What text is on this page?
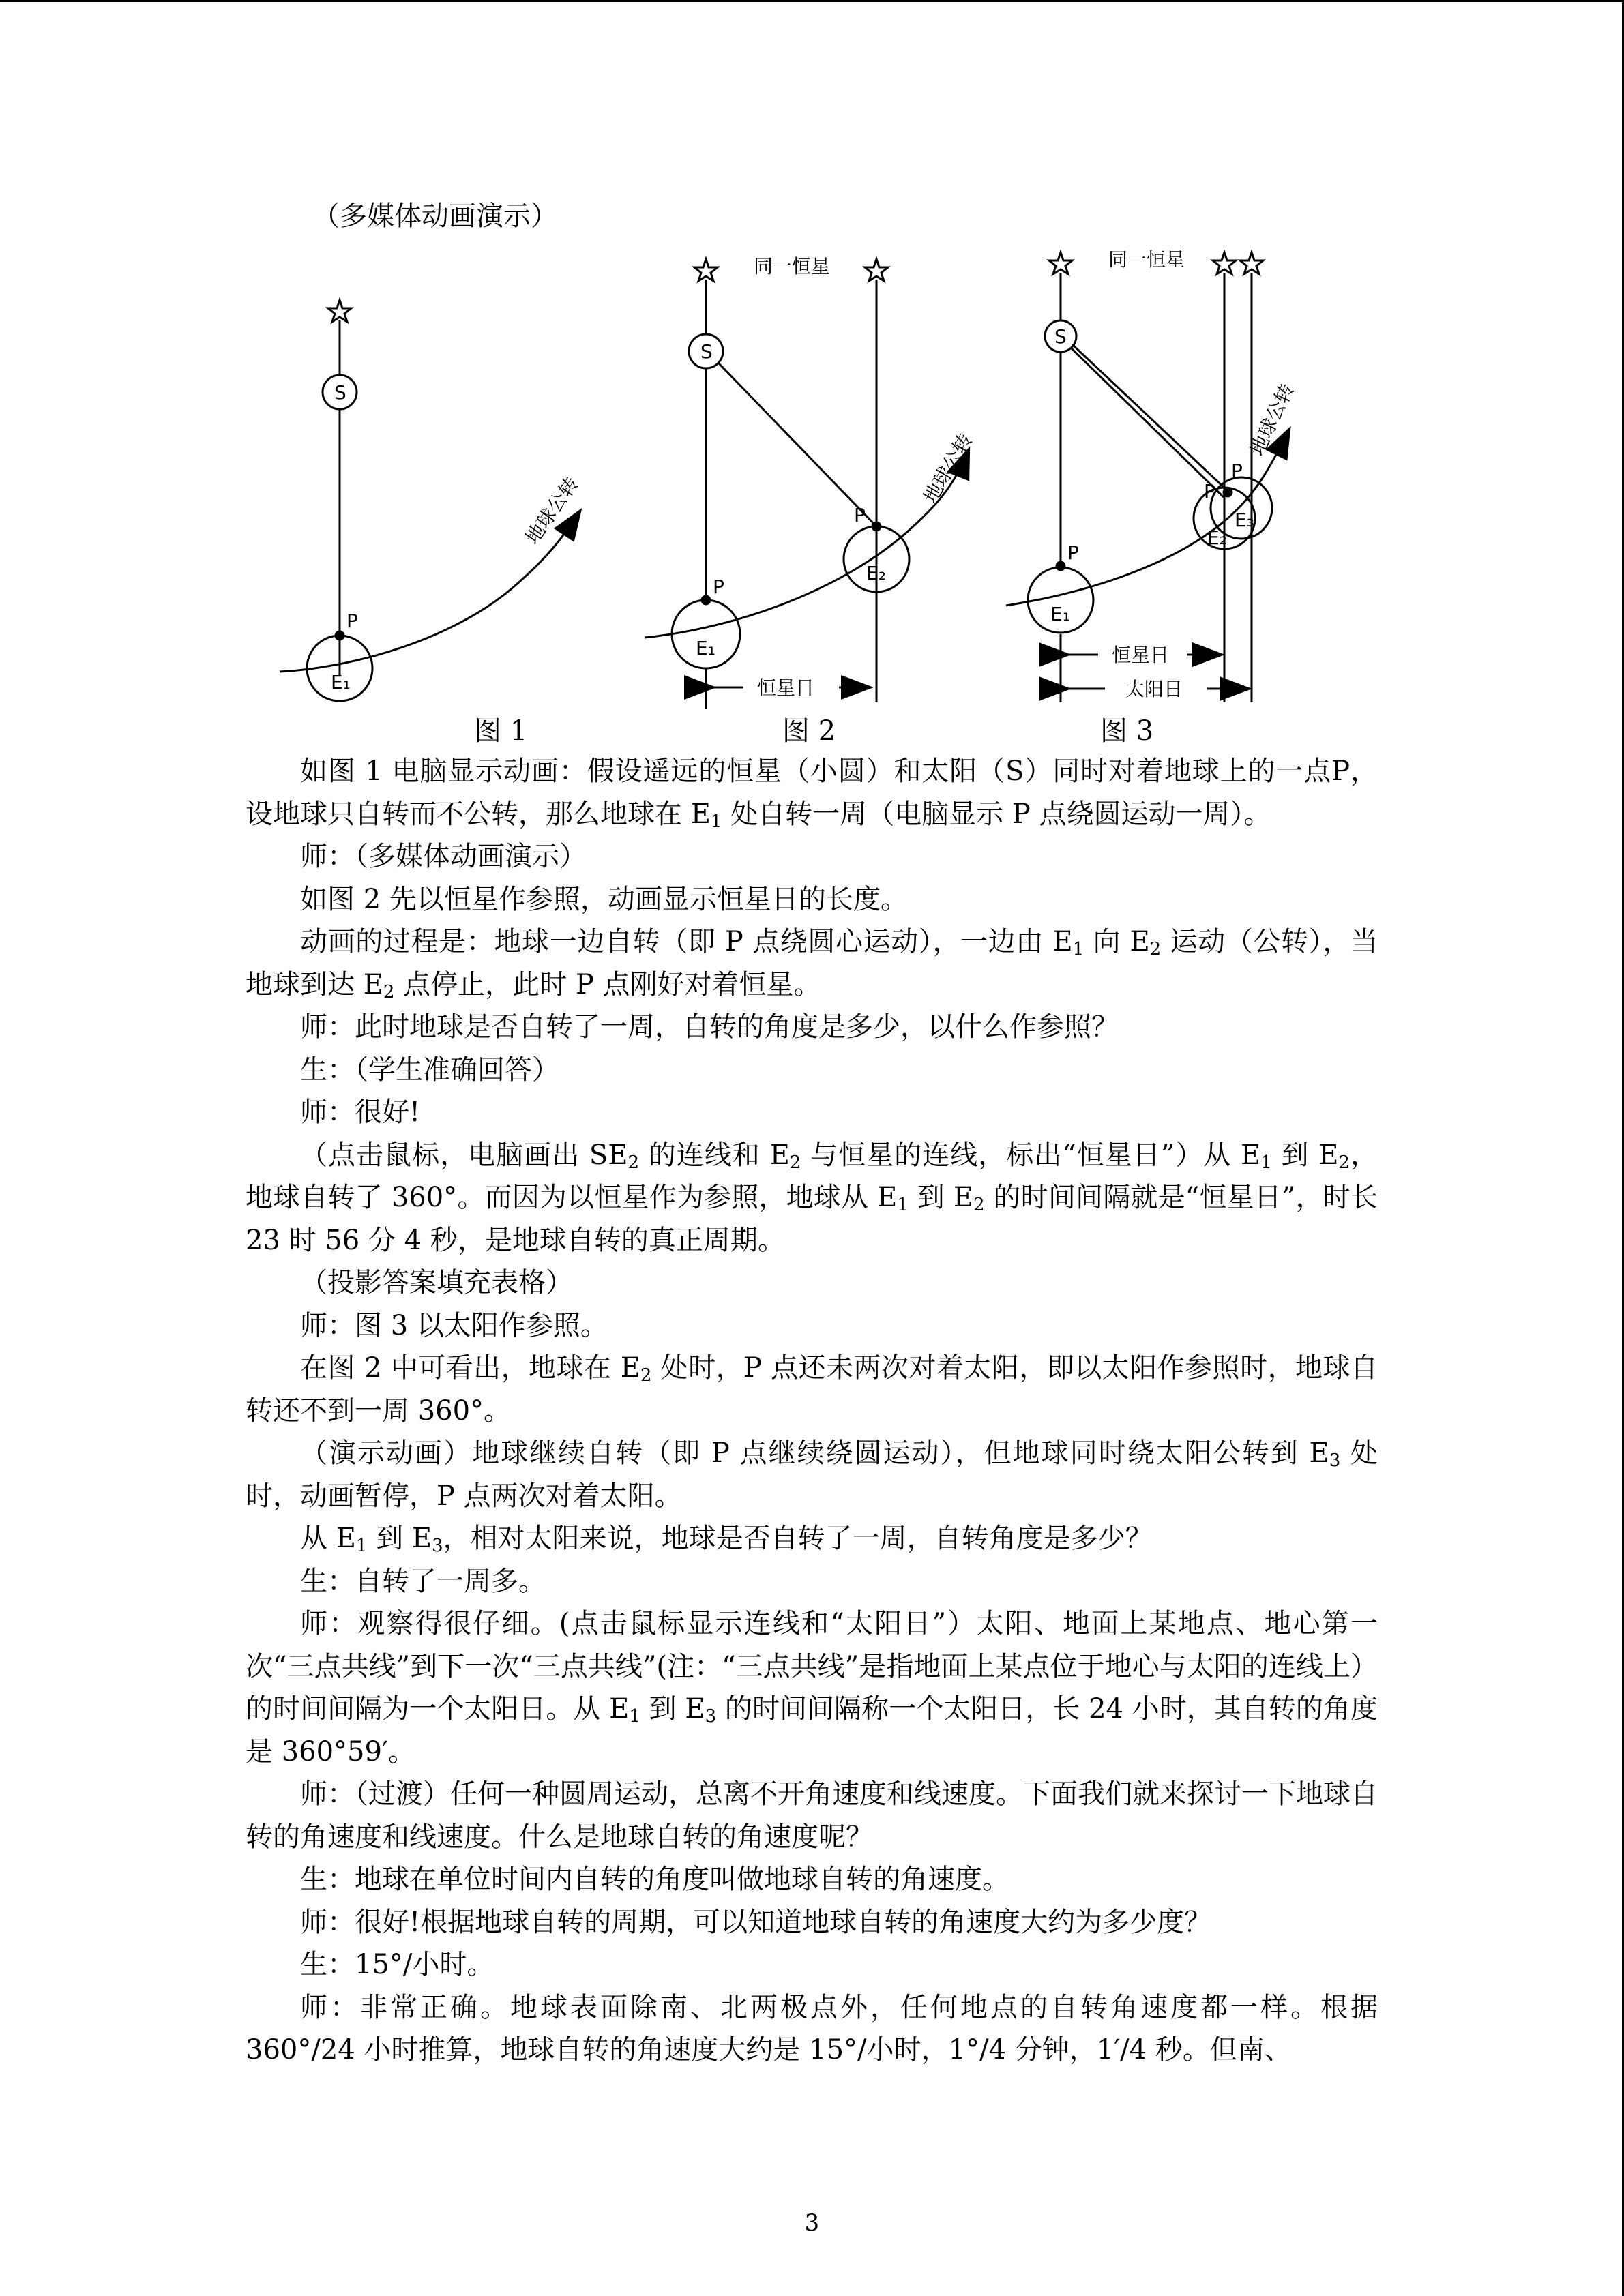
（多媒体动画演示）
S
P
E₁
地球公转
同一恒星
S
P
E₁
P
E₂
恒星日
地球公转
同一恒星
S
P
E₁
P
P
E₂
E₃
恒星日
太阳日
地球公转
图 1	图 2	图 3

如图 1 电脑显示动画：假设遥远的恒星（小圆）和太阳（S）同时对着地球上的一点P，设地球只自转而不公转，那么地球在 $E_1$ 处自转一周（电脑显示 P 点绕圆运动一周）。

师：（多媒体动画演示）

如图 2 先以恒星作参照，动画显示恒星日的长度。

动画的过程是：地球一边自转（即 P 点绕圆心运动），一边由 $E_1$ 向 $E_2$ 运动（公转），当地球到达 $E_2$ 点停止，此时 P 点刚好对着恒星。

师：此时地球是否自转了一周，自转的角度是多少，以什么作参照？

生：（学生准确回答）

师：很好!

（点击鼠标，电脑画出 $SE_2$ 的连线和 $E_2$ 与恒星的连线，标出“恒星日”）从 $E_1$ 到 $E_2$，地球自转了 360°。而因为以恒星作为参照，地球从 $E_1$ 到 $E_2$ 的时间间隔就是“恒星日”，时长 23 时 56 分 4 秒，是地球自转的真正周期。

（投影答案填充表格）

师：图 3 以太阳作参照。

在图 2 中可看出，地球在 $E_2$ 处时，P 点还未两次对着太阳，即以太阳作参照时，地球自转还不到一周 360°。

（演示动画）地球继续自转（即 P 点继续绕圆运动），但地球同时绕太阳公转到 $E_3$ 处时，动画暂停，P 点两次对着太阳。

从 $E_1$ 到 $E_3$，相对太阳来说，地球是否自转了一周，自转角度是多少？

生：自转了一周多。

师：观察得很仔细。(点击鼠标显示连线和“太阳日”）太阳、地面上某地点、地心第一次“三点共线”到下一次“三点共线”(注：“三点共线”是指地面上某点位于地心与太阳的连线上）的时间间隔为一个太阳日。从 $E_1$ 到 $E_3$ 的时间间隔称一个太阳日，长 24 小时，其自转的角度是 360°59′。

师：（过渡）任何一种圆周运动，总离不开角速度和线速度。下面我们就来探讨一下地球自转的角速度和线速度。什么是地球自转的角速度呢？

生：地球在单位时间内自转的角度叫做地球自转的角速度。

师：很好!根据地球自转的周期，可以知道地球自转的角速度大约为多少度？

生：15°/小时。

师：非常正确。地球表面除南、北两极点外，任何地点的自转角速度都一样。根据 360°/24 小时推算，地球自转的角速度大约是 15°/小时，1°/4 分钟，1′/4 秒。但南、

3
